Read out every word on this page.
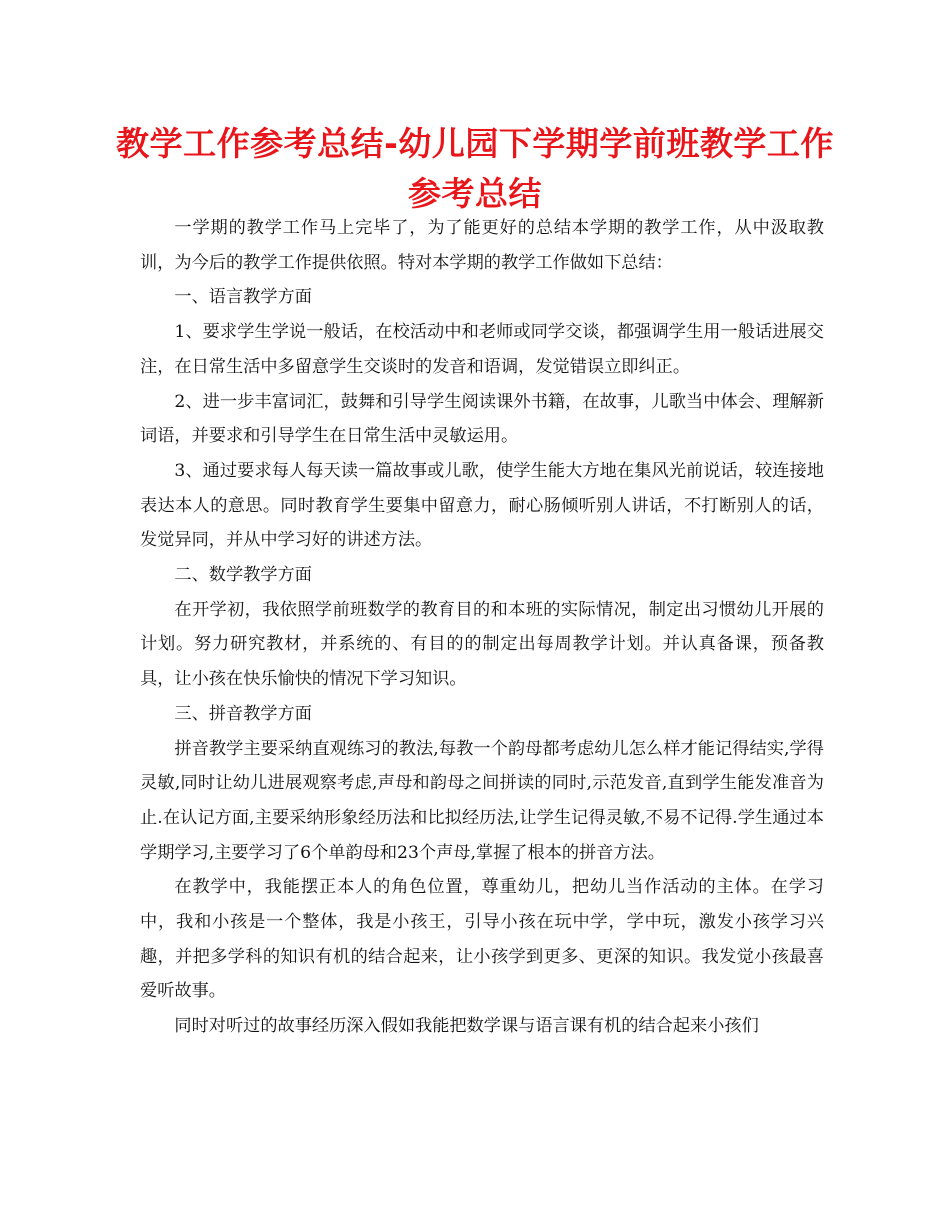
教学工作参考总结-幼儿园下学期学前班教学工作
参考总结

一学期的教学工作马上完毕了，为了能更好的总结本学期的教学工作，从中汲取教训，为今后的教学工作提供依照。特对本学期的教学工作做如下总结：

一、语言教学方面

1、要求学生学说一般话，在校活动中和老师或同学交谈，都强调学生用一般话进展交注，在日常生活中多留意学生交谈时的发音和语调，发觉错误立即纠正。

2、进一步丰富词汇，鼓舞和引导学生阅读课外书籍，在故事，儿歌当中体会、理解新词语，并要求和引导学生在日常生活中灵敏运用。

3、通过要求每人每天读一篇故事或儿歌，使学生能大方地在集风光前说话，较连接地表达本人的意思。同时教育学生要集中留意力，耐心肠倾听别人讲话，不打断别人的话，发觉异同，并从中学习好的讲述方法。

二、数学教学方面

在开学初，我依照学前班数学的教育目的和本班的实际情况，制定出习惯幼儿开展的计划。努力研究教材，并系统的、有目的的制定出每周教学计划。并认真备课，预备教具，让小孩在快乐愉快的情况下学习知识。

三、拼音教学方面

拼音教学主要采纳直观练习的教法,每教一个韵母都考虑幼儿怎么样才能记得结实,学得灵敏,同时让幼儿进展观察考虑,声母和韵母之间拼读的同时,示范发音,直到学生能发准音为止.在认记方面,主要采纳形象经历法和比拟经历法,让学生记得灵敏,不易不记得.学生通过本学期学习,主要学习了6个单韵母和23个声母,掌握了根本的拼音方法。

在教学中，我能摆正本人的角色位置，尊重幼儿，把幼儿当作活动的主体。在学习中，我和小孩是一个整体，我是小孩王，引导小孩在玩中学，学中玩，激发小孩学习兴趣，并把多学科的知识有机的结合起来，让小孩学到更多、更深的知识。我发觉小孩最喜爱听故事。

同时对听过的故事经历深入假如我能把数学课与语言课有机的结合起来小孩们
